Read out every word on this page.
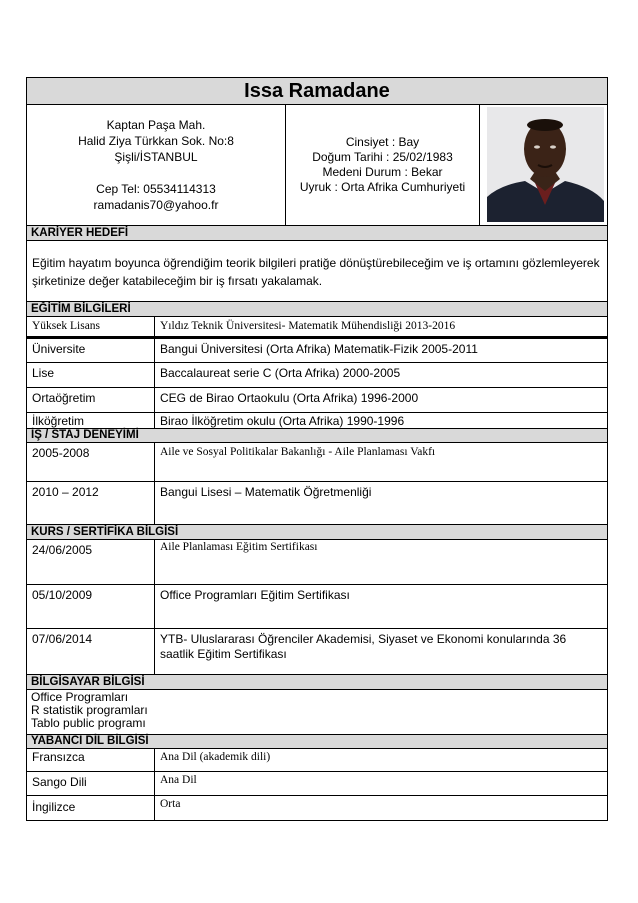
Issa Ramadane
Kaptan Paşa Mah.
Halid Ziya Türkkan Sok. No:8
Şişli/İSTANBUL
Cep Tel: 05534114313
ramadanis70@yahoo.fr
Cinsiyet : Bay
Doğum Tarihi : 25/02/1983
Medeni Durum : Bekar
Uyruk : Orta Afrika Cumhuriyeti
KARİYER HEDEFİ
Eğitim hayatım boyunca öğrendiğim teorik bilgileri pratiğe dönüştürebileceğim ve iş ortamını gözlemleyerek şirketinize değer katabileceğim bir iş fırsatı yakalamak.
EĞİTİM BİLGİLERİ
Yüksek Lisans	Yıldız Teknik Üniversitesi- Matematik Mühendisliği 2013-2016
Üniversite	Bangui Üniversitesi (Orta Afrika) Matematik-Fizik 2005-2011
Lise	Baccalaureat serie C (Orta Afrika) 2000-2005
Ortaöğretim	CEG de Birao Ortaokulu (Orta Afrika) 1996-2000
İlköğretim	Birao İlköğretim okulu (Orta Afrika) 1990-1996
İŞ / STAJ DENEYİMİ
2005-2008	Aile ve Sosyal Politikalar Bakanlığı - Aile Planlaması Vakfı
2010 – 2012	Bangui Lisesi – Matematik Öğretmenliği
KURS / SERTİFİKA BİLGİSİ
24/06/2005	Aile Planlaması Eğitim Sertifikası
05/10/2009	Office Programları Eğitim Sertifikası
07/06/2014	YTB- Uluslararası Öğrenciler Akademisi, Siyaset ve Ekonomi konularında 36 saatlik Eğitim Sertifikası
BİLGİSAYAR BİLGİSİ
Office Programları
R statistik programları
Tablo public programı
YABANCI DİL BİLGİSİ
Fransızca	Ana Dil (akademik dili)
Sango Dili	Ana Dil
İngilizce	Orta
